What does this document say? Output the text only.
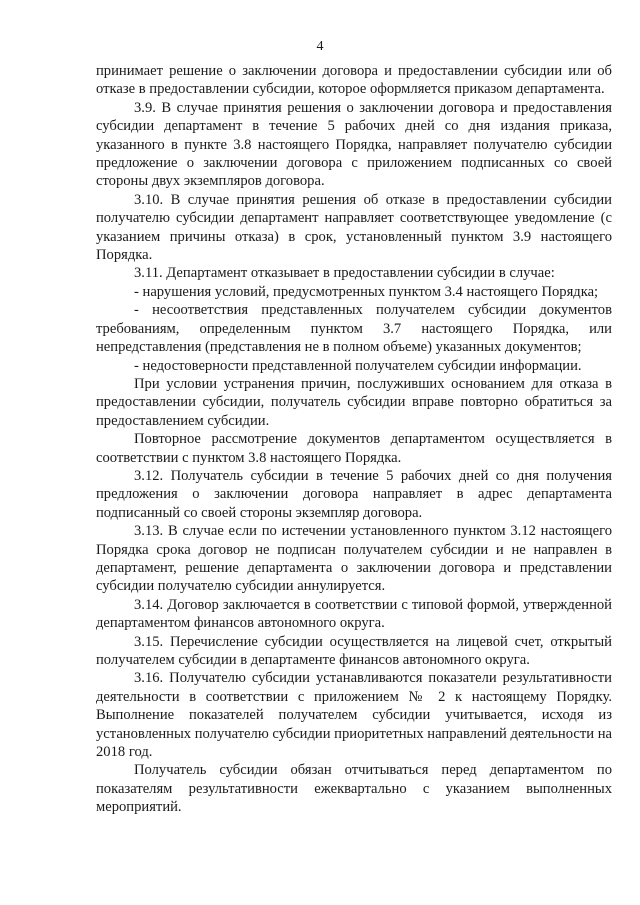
4

принимает решение о заключении договора и предоставлении субсидии или об отказе в предоставлении субсидии, которое оформляется приказом департамента.

3.9. В случае принятия решения о заключении договора и предоставления субсидии департамент в течение 5 рабочих дней со дня издания приказа, указанного в пункте 3.8 настоящего Порядка, направляет получателю субсидии предложение о заключении договора с приложением подписанных со своей стороны двух экземпляров договора.

3.10. В случае принятия решения об отказе в предоставлении субсидии получателю субсидии департамент направляет соответствующее уведомление (с указанием причины отказа) в срок, установленный пунктом 3.9 настоящего Порядка.

3.11. Департамент отказывает в предоставлении субсидии в случае:

- нарушения условий, предусмотренных пунктом 3.4 настоящего Порядка;

- несоответствия представленных получателем субсидии документов требованиям, определенным пунктом 3.7 настоящего Порядка, или непредставления (представления не в полном объеме) указанных документов;

- недостоверности представленной получателем субсидии информации.

При условии устранения причин, послуживших основанием для отказа в предоставлении субсидии, получатель субсидии вправе повторно обратиться за предоставлением субсидии.

Повторное рассмотрение документов департаментом осуществляется в соответствии с пунктом 3.8 настоящего Порядка.

3.12. Получатель субсидии в течение 5 рабочих дней со дня получения предложения о заключении договора направляет в адрес департамента подписанный со своей стороны экземпляр договора.

3.13. В случае если по истечении установленного пунктом 3.12 настоящего Порядка срока договор не подписан получателем субсидии и не направлен в департамент, решение департамента о заключении договора и представлении субсидии получателю субсидии аннулируется.

3.14. Договор заключается в соответствии с типовой формой, утвержденной департаментом финансов автономного округа.

3.15. Перечисление субсидии осуществляется на лицевой счет, открытый получателем субсидии в департаменте финансов автономного округа.

3.16. Получателю субсидии устанавливаются показатели результативности деятельности в соответствии с приложением № 2 к настоящему Порядку. Выполнение показателей получателем субсидии учитывается, исходя из установленных получателю субсидии приоритетных направлений деятельности на 2018 год.

Получатель субсидии обязан отчитываться перед департаментом по показателям результативности ежеквартально с указанием выполненных мероприятий.
